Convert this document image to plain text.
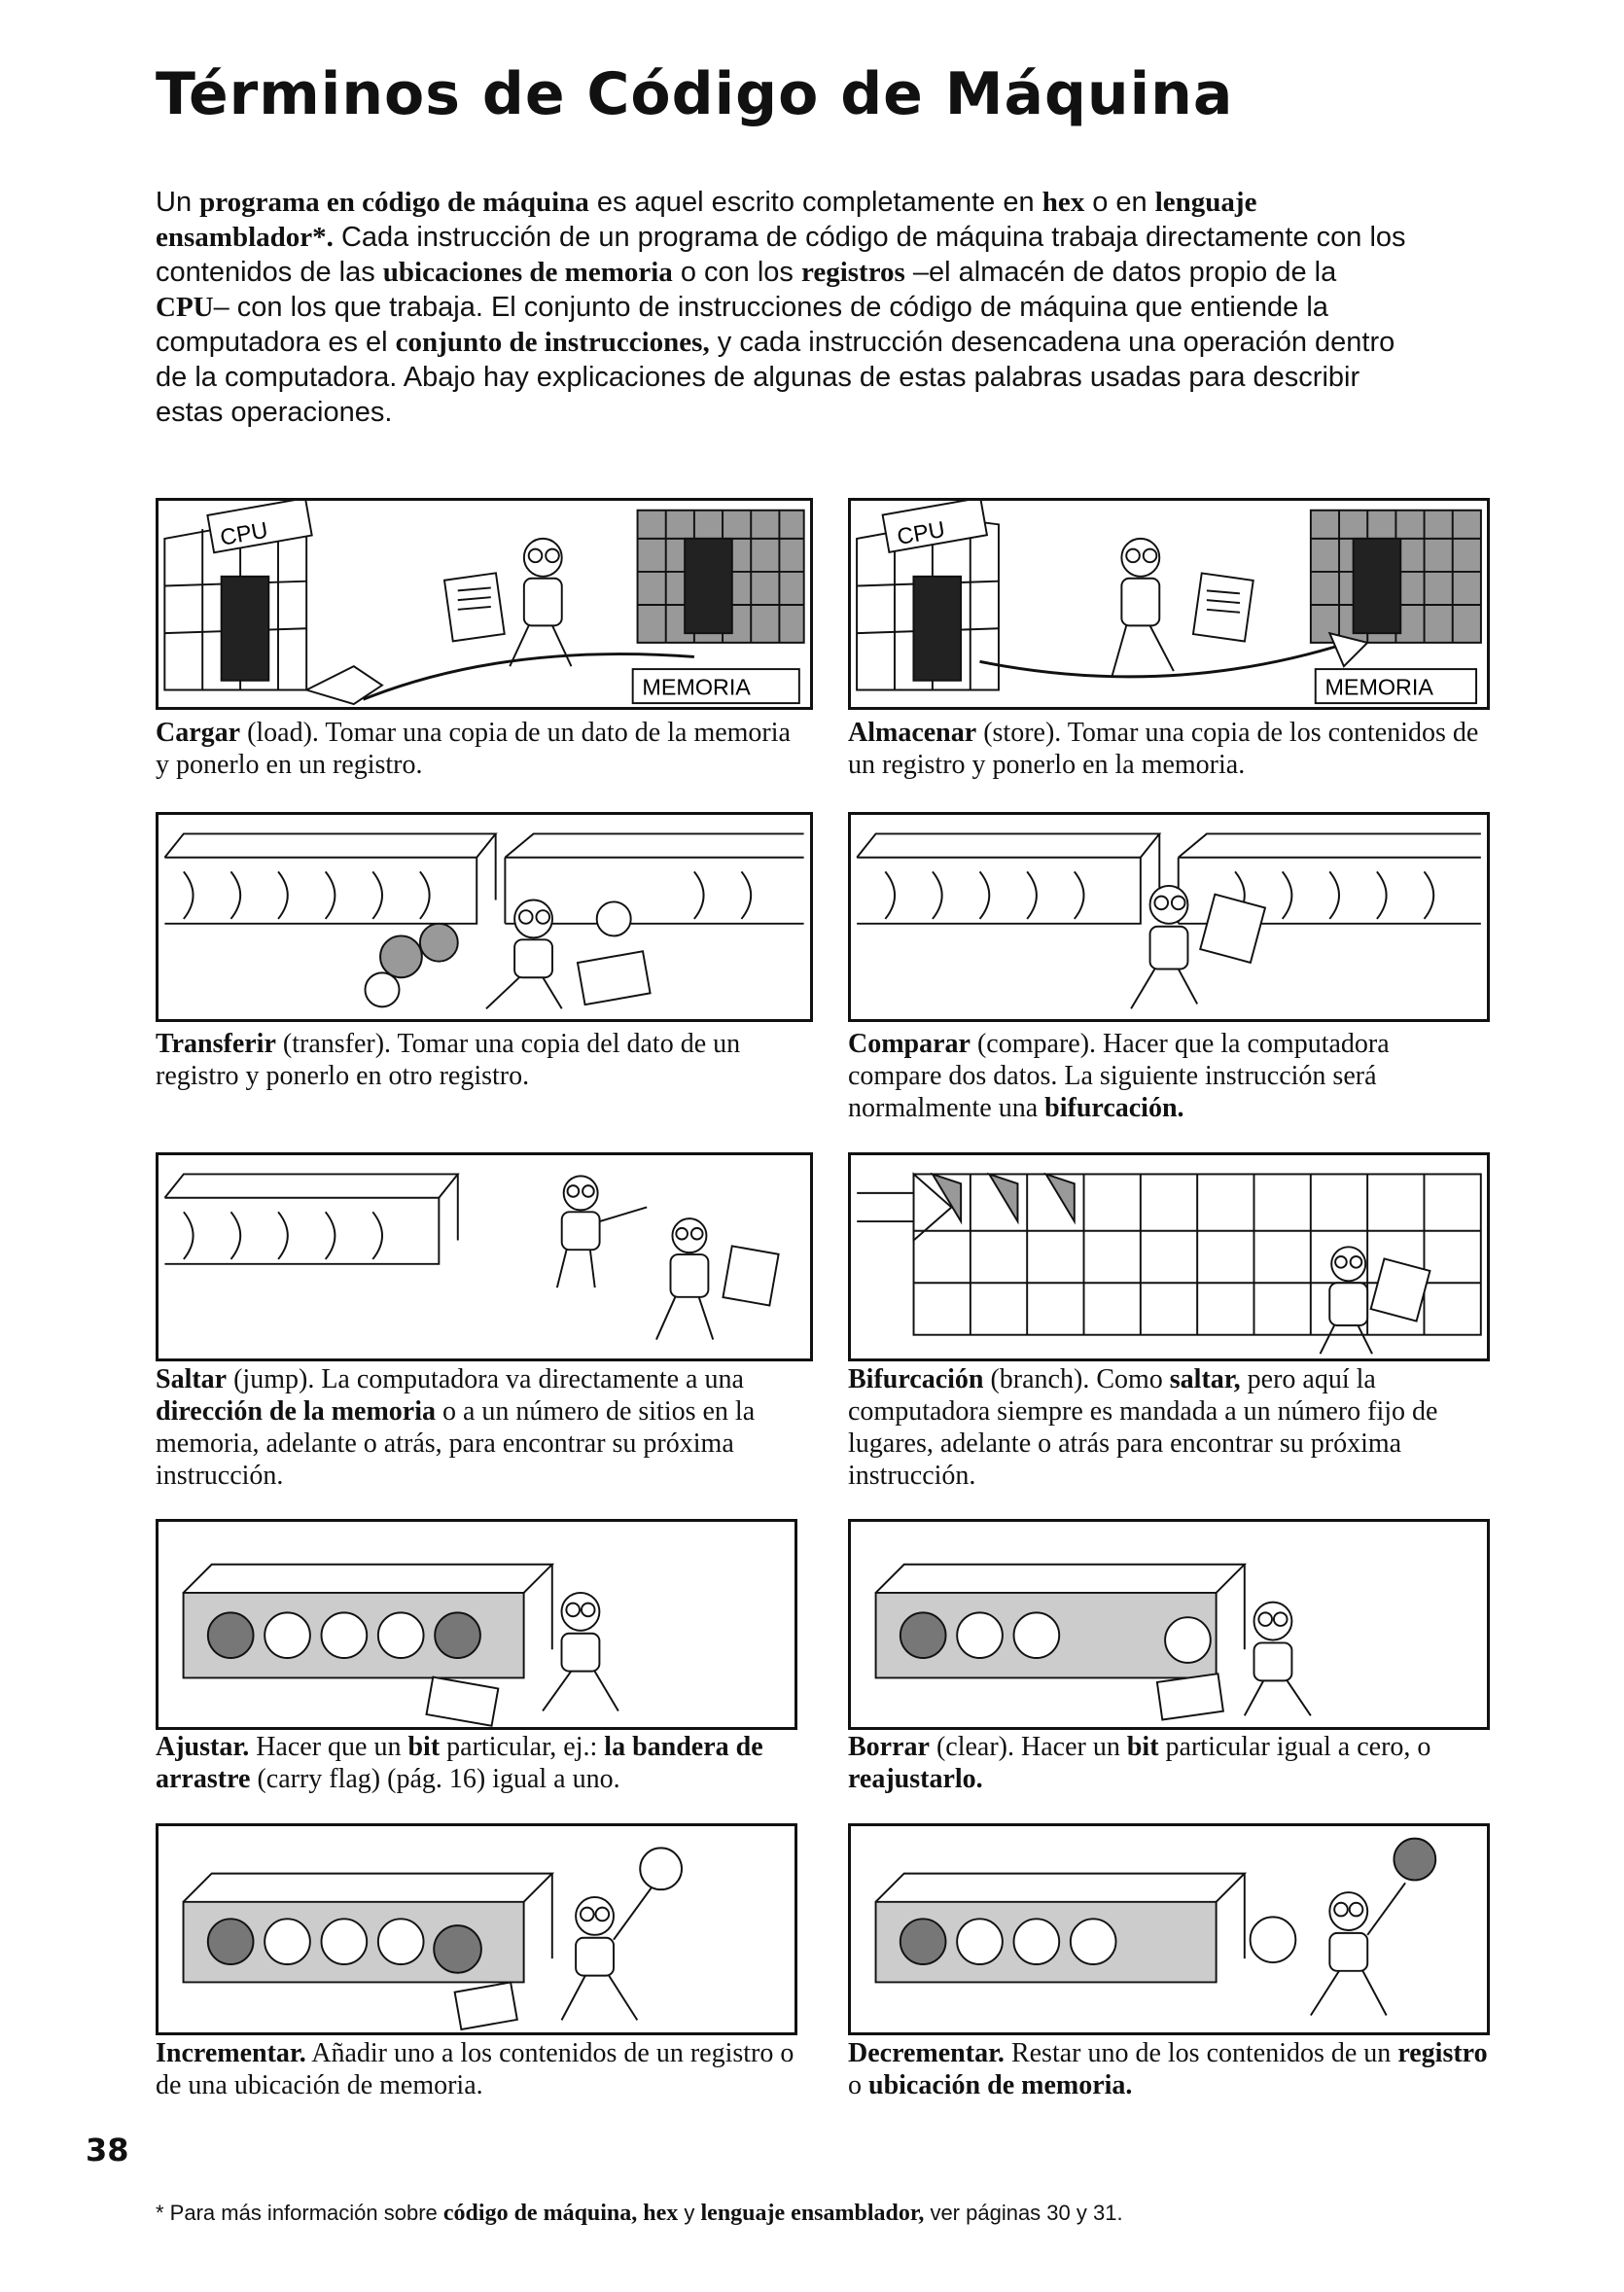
Términos de Código de Máquina

Un programa en código de máquina es aquel escrito completamente en hex o en lenguaje ensamblador*. Cada instrucción de un programa de código de máquina trabaja directamente con los contenidos de las ubicaciones de memoria o con los registros –el almacén de datos propio de la CPU– con los que trabaja. El conjunto de instrucciones de código de máquina que entiende la computadora es el conjunto de instrucciones, y cada instrucción desencadena una operación dentro de la computadora. Abajo hay explicaciones de algunas de estas palabras usadas para describir estas operaciones.

CPU
MEMORIA

Cargar (load). Tomar una copia de un dato de la memoria y ponerlo en un registro.

CPU
MEMORIA

Almacenar (store). Tomar una copia de los contenidos de un registro y ponerlo en la memoria.

Transferir (transfer). Tomar una copia del dato de un registro y ponerlo en otro registro.

Comparar (compare). Hacer que la computadora compare dos datos. La siguiente instrucción será normalmente una bifurcación.

Saltar (jump). La computadora va directamente a una dirección de la memoria o a un número de sitios en la memoria, adelante o atrás, para encontrar su próxima instrucción.

Bifurcación (branch). Como saltar, pero aquí la computadora siempre es mandada a un número fijo de lugares, adelante o atrás para encontrar su próxima instrucción.

Ajustar. Hacer que un bit particular, ej.: la bandera de arrastre (carry flag) (pág. 16) igual a uno.

Borrar (clear). Hacer un bit particular igual a cero, o reajustarlo.

Incrementar. Añadir uno a los contenidos de un registro o de una ubicación de memoria.

Decrementar. Restar uno de los contenidos de un registro o ubicación de memoria.

38

* Para más información sobre código de máquina, hex y lenguaje ensamblador, ver páginas 30 y 31.
